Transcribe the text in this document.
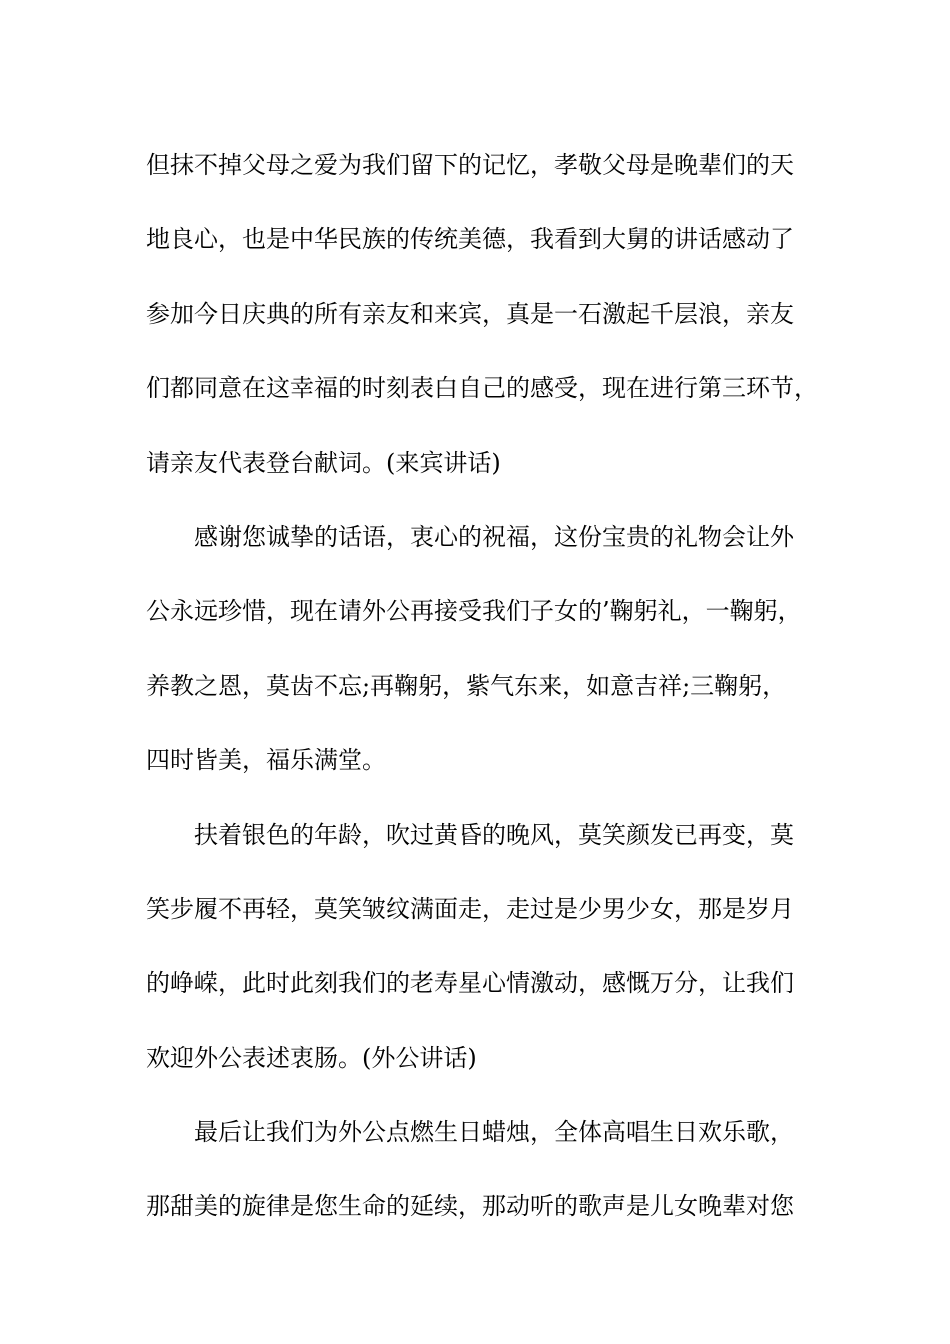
但抹不掉父母之爱为我们留下的记忆，孝敬父母是晚辈们的天
地良心，也是中华民族的传统美德，我看到大舅的讲话感动了
参加今日庆典的所有亲友和来宾，真是一石激起千层浪，亲友
们都同意在这幸福的时刻表白自己的感受，现在进行第三环节，
请亲友代表登台献词。(来宾讲话)
感谢您诚挚的话语，衷心的祝福，这份宝贵的礼物会让外
公永远珍惜，现在请外公再接受我们子女的’鞠躬礼，一鞠躬，
养教之恩，莫齿不忘;再鞠躬，紫气东来，如意吉祥;三鞠躬，
四时皆美，福乐满堂。
扶着银色的年龄，吹过黄昏的晚风，莫笑颜发已再变，莫
笑步履不再轻，莫笑皱纹满面走，走过是少男少女，那是岁月
的峥嵘，此时此刻我们的老寿星心情激动，感慨万分，让我们
欢迎外公表述衷肠。(外公讲话)
最后让我们为外公点燃生日蜡烛，全体高唱生日欢乐歌，
那甜美的旋律是您生命的延续，那动听的歌声是儿女晚辈对您
